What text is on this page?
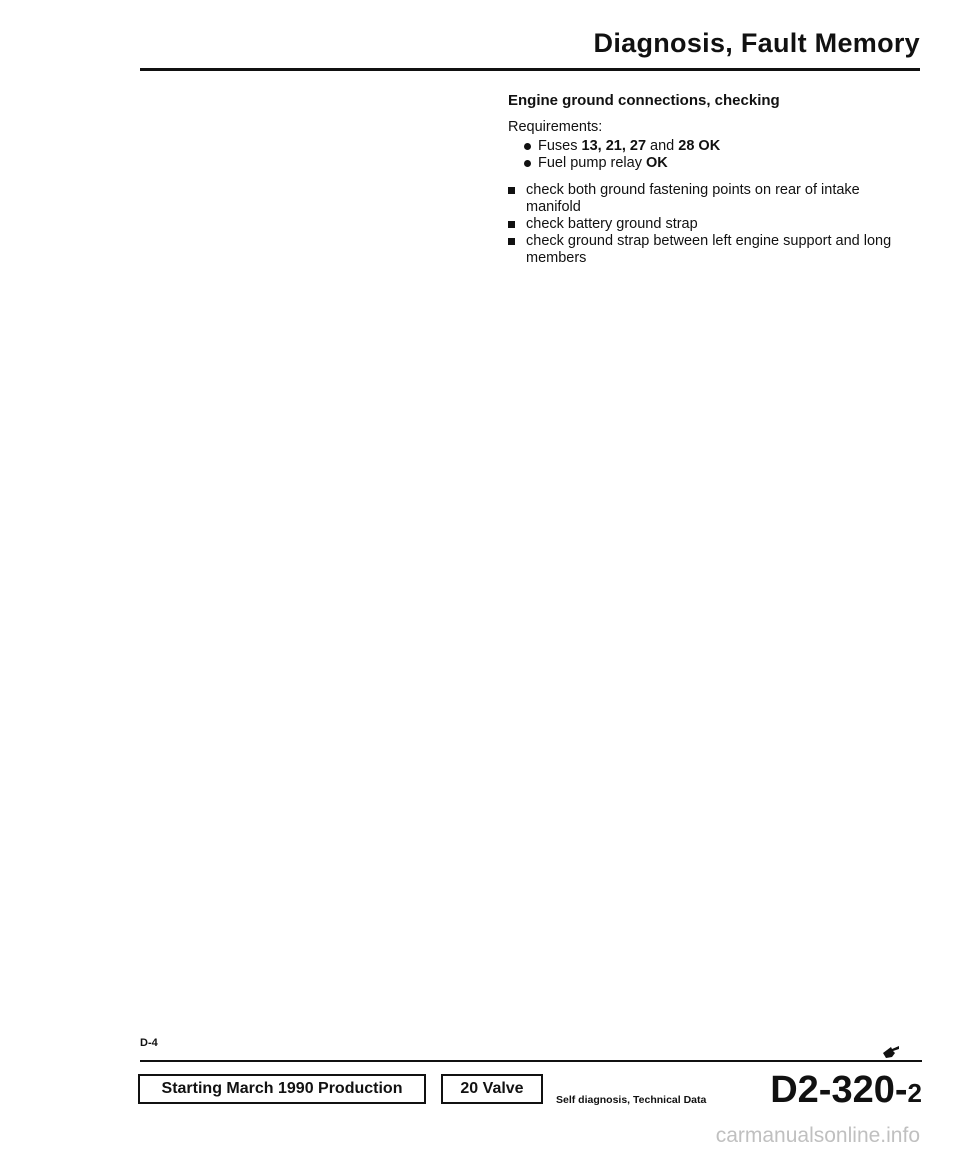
Diagnosis, Fault Memory
Engine ground connections, checking
Requirements:
Fuses 13, 21, 27 and 28 OK
Fuel pump relay OK
check both ground fastening points on rear of intake manifold
check battery ground strap
check ground strap between left engine support and long members
D-4
Starting March 1990 Production	20 Valve
Self diagnosis, Technical Data D2-320-2
carmanualsonline.info
